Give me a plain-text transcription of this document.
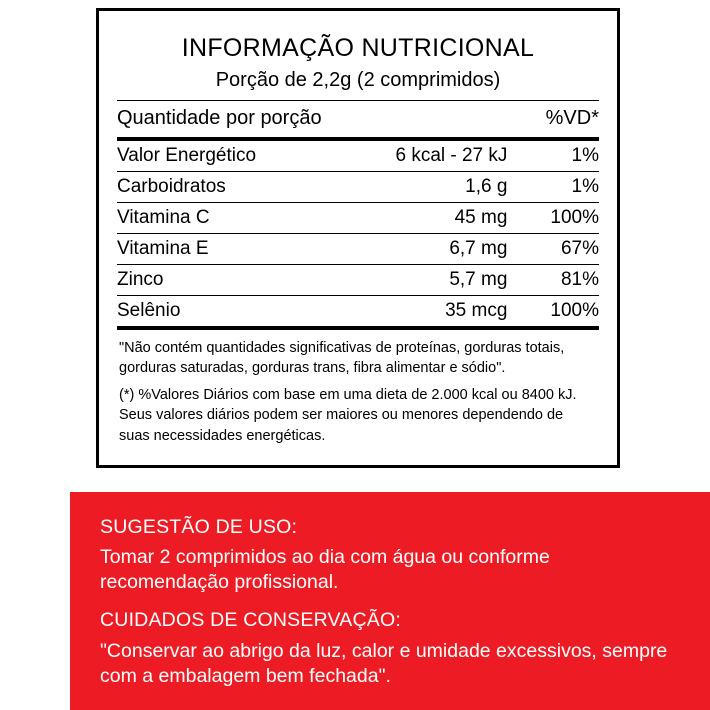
INFORMAÇÃO NUTRICIONAL
Porção de 2,2g (2 comprimidos)
Quantidade por porção		%VD*
Valor Energético	6 kcal - 27 kJ	1%
Carboidratos	1,6 g	1%
Vitamina C	45 mg	100%
Vitamina E	6,7 mg	67%
Zinco	5,7 mg	81%
Selênio	35 mcg	100%

"Não contém quantidades significativas de proteínas, gorduras totais, gorduras saturadas, gorduras trans, fibra alimentar e sódio".

(*) %Valores Diários com base em uma dieta de 2.000 kcal ou 8400 kJ. Seus valores diários podem ser maiores ou menores dependendo de suas necessidades energéticas.

SUGESTÃO DE USO:

Tomar 2 comprimidos ao dia com água ou conforme recomendação profissional.

CUIDADOS DE CONSERVAÇÃO:

"Conservar ao abrigo da luz, calor e umidade excessivos, sempre com a embalagem bem fechada".
